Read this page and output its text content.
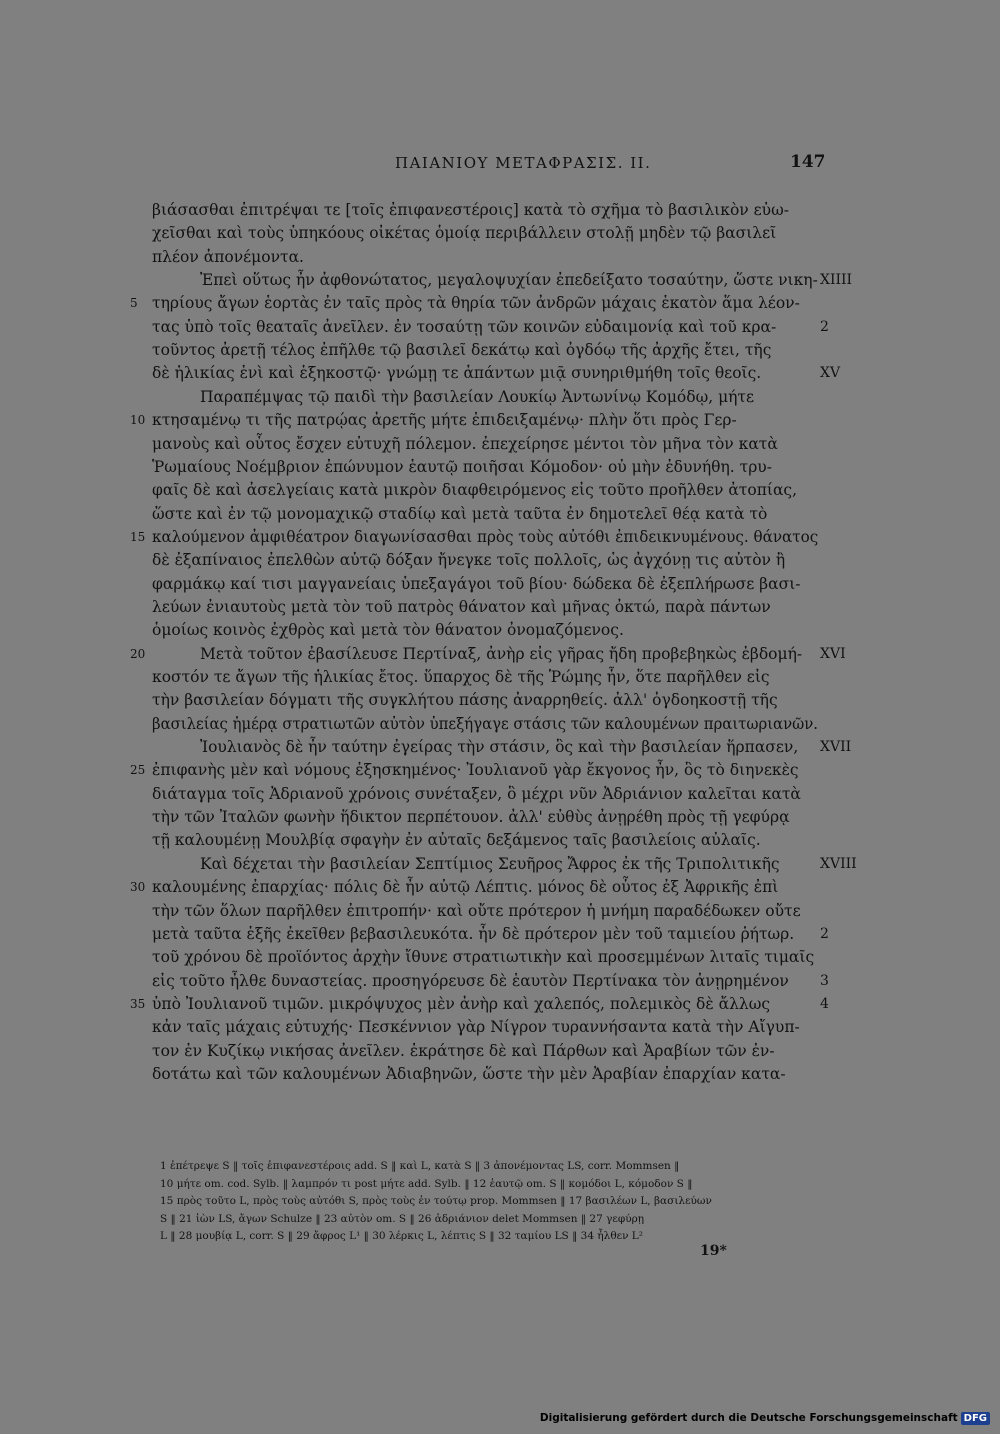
ΠΑΙΑΝΙΟΥ ΜΕΤΑΦΡΑΣΙΣ. II.	147
βιάσασθαι ἐπιτρέψαι τε [τοῖς ἐπιφανεστέροις] κατὰ τὸ σχῆμα τὸ βασιλικὸν εὐω-
χεῖσθαι καὶ τοὺς ὑπηκόους οἰκέτας ὁμοίᾳ περιβάλλειν στολῇ μηδὲν τῷ βασιλεῖ
πλέον ἀπονέμοντα.
Ἐπεὶ οὕτως ἦν ἀφθονώτατος, μεγαλοψυχίαν ἐπεδείξατο τοσαύτην, ὥστε νικη- XIIII
5 τηρίους ἄγων ἑορτὰς ἐν ταῖς πρὸς τὰ θηρία τῶν ἀνδρῶν μάχαις ἑκατὸν ἅμα λέον-
τας ὑπὸ τοῖς θεαταῖς ἀνεῖλεν. ἐν τοσαύτῃ τῶν κοινῶν εὐδαιμονίᾳ καὶ τοῦ κρα-	2
τοῦντος ἀρετῇ τέλος ἐπῆλθε τῷ βασιλεῖ δεκάτῳ καὶ ὀγδόῳ τῆς ἀρχῆς ἔτει, τῆς
δὲ ἡλικίας ἑνὶ καὶ ἑξηκοστῷ· γνώμῃ τε ἁπάντων μιᾷ συνηριθμήθη τοῖς θεοῖς.	XV
Παραπέμψας τῷ παιδὶ τὴν βασιλείαν Λουκίῳ Ἀντωνίνῳ Κομόδῳ, μήτε
10 κτησαμένῳ τι τῆς πατρῴας ἀρετῆς μήτε ἐπιδειξαμένῳ· πλὴν ὅτι πρὸς Γερ-
μανοὺς καὶ οὗτος ἔσχεν εὐτυχῆ πόλεμον. ἐπεχείρησε μέντοι τὸν μῆνα τὸν κατὰ
Ῥωμαίους Νοέμβριον ἐπώνυμον ἑαυτῷ ποιῆσαι Κόμοδον· οὐ μὴν ἐδυνήθη. τρυ-
φαῖς δὲ καὶ ἀσελγείαις κατὰ μικρὸν διαφθειρόμενος εἰς τοῦτο προῆλθεν ἀτοπίας,
ὥστε καὶ ἐν τῷ μονομαχικῷ σταδίῳ καὶ μετὰ ταῦτα ἐν δημοτελεῖ θέᾳ κατὰ τὸ
15 καλούμενον ἀμφιθέατρον διαγωνίσασθαι πρὸς τοὺς αὐτόθι ἐπιδεικνυμένους. θάνατος
δὲ ἐξαπίναιος ἐπελθὼν αὐτῷ δόξαν ἤνεγκε τοῖς πολλοῖς, ὡς ἀγχόνῃ τις αὐτὸν ἢ
φαρμάκῳ καί τισι μαγγανείαις ὑπεξαγάγοι τοῦ βίου· δώδεκα δὲ ἐξεπλήρωσε βασι-
λεύων ἐνιαυτοὺς μετὰ τὸν τοῦ πατρὸς θάνατον καὶ μῆνας ὀκτώ, παρὰ πάντων
ὁμοίως κοινὸς ἐχθρὸς καὶ μετὰ τὸν θάνατον ὀνομαζόμενος.
20	Μετὰ τοῦτον ἐβασίλευσε Περτίναξ, ἀνὴρ εἰς γῆρας ἤδη προβεβηκὼς ἑβδομή- XVI
κοστόν τε ἄγων τῆς ἡλικίας ἔτος. ὕπαρχος δὲ τῆς Ῥώμης ἦν, ὅτε παρῆλθεν εἰς
τὴν βασιλείαν δόγματι τῆς συγκλήτου πάσης ἀναρρηθείς. ἀλλ' ὀγδοηκοστῇ τῆς
βασιλείας ἡμέρᾳ στρατιωτῶν αὐτὸν ὑπεξήγαγε στάσις τῶν καλουμένων πραιτωριανῶν.
Ἰουλιανὸς δὲ ἦν ταύτην ἐγείρας τὴν στάσιν, ὃς καὶ τὴν βασιλείαν ἥρπασεν, XVII
25 ἐπιφανὴς μὲν καὶ νόμους ἐξησκημένος· Ἰουλιανοῦ γὰρ ἔκγονος ἦν, ὃς τὸ διηνεκὲς
διάταγμα τοῖς Ἀδριανοῦ χρόνοις συνέταξεν, ὃ μέχρι νῦν Ἀδριάνιον καλεῖται κατὰ
τὴν τῶν Ἰταλῶν φωνὴν ἥδικτον περπέτουον. ἀλλ' εὐθὺς ἀνῃρέθη πρὸς τῇ γεφύρᾳ
τῇ καλουμένῃ Μουλβίᾳ σφαγὴν ἐν αὐταῖς δεξάμενος ταῖς βασιλείοις αὐλαῖς.
Καὶ δέχεται τὴν βασιλείαν Σεπτίμιος Σευῆρος Ἄφρος ἐκ τῆς Τριπολιτικῆς	XVIII
30 καλουμένης ἐπαρχίας· πόλις δὲ ἦν αὐτῷ Λέπτις. μόνος δὲ οὗτος ἐξ Ἀφρικῆς ἐπὶ
τὴν τῶν ὅλων παρῆλθεν ἐπιτροπήν· καὶ οὔτε πρότερον ἡ μνήμη παραδέδωκεν οὔτε
μετὰ ταῦτα ἑξῆς ἐκεῖθεν βεβασιλευκότα. ἦν δὲ πρότερον μὲν τοῦ ταμιείου ῥήτωρ. 2
τοῦ χρόνου δὲ προϊόντος ἀρχὴν ἴθυνε στρατιωτικὴν καὶ προσεμμένων λιταῖς τιμαῖς
εἰς τοῦτο ἦλθε δυναστείας. προσηγόρευσε δὲ ἑαυτὸν Περτίνακα τὸν ἀνῃρημένον 3
35 ὑπὸ Ἰουλιανοῦ τιμῶν. μικρόψυχος μὲν ἀνὴρ καὶ χαλεπός, πολεμικὸς δὲ ἄλλως	4
κἀν ταῖς μάχαις εὐτυχής· Πεσκέννιον γὰρ Νίγρον τυραννήσαντα κατὰ τὴν Αἴγυπ-
τον ἐν Κυζίκῳ νικήσας ἀνεῖλεν. ἐκράτησε δὲ καὶ Πάρθων καὶ Ἀραβίων τῶν ἐν-
δοτάτω καὶ τῶν καλουμένων Ἀδιαβηνῶν, ὥστε τὴν μὲν Ἀραβίαν ἐπαρχίαν κατα-
1 ἐπέτρεψε S ‖ τοῖς ἐπιφανεστέροις add. S ‖ καὶ L, κατὰ S ‖ 3 ἀπονέμοντας LS, corr. Mommsen ‖
10 μήτε om. cod. Sylb. ‖ λαμπρόν τι post μήτε add. Sylb. ‖ 12 ἑαυτῷ om. S ‖ κομόδοι L, κόμοδον S ‖
15 πρὸς τοῦτο L, πρὸς τοὺς αὐτόθι S, πρὸς τοὺς ἐν τούτῳ prop. Mommsen ‖ 17 βασιλέων L, βασιλεύων
S ‖ 21 ἰὼν LS, ἄγων Schulze ‖ 23 αὐτὸν om. S ‖ 26 ἀδριάνιον delet Mommsen ‖ 27 γεφύρῃ
L ‖ 28 μουβίᾳ L, corr. S ‖ 29 ἄφρος L¹ ‖ 30 λέρκις L, λέπτις S ‖ 32 ταμίου LS ‖ 34 ἦλθεν L²
19*
Digitalisierung gefördert durch die Deutsche Forschungsgemeinschaft DFG
